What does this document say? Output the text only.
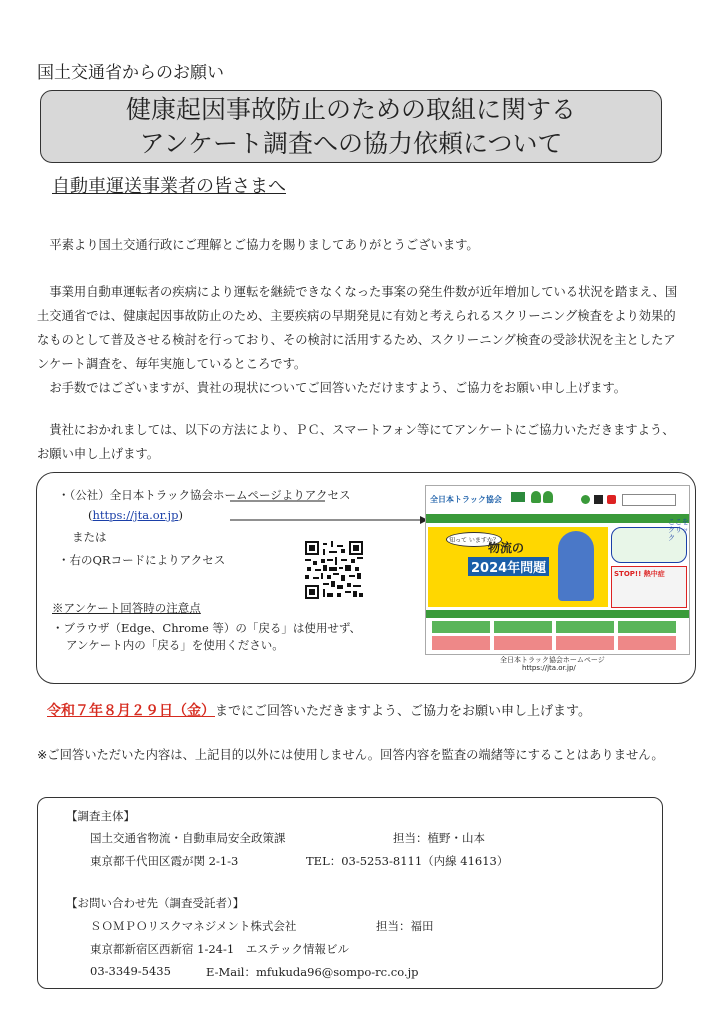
国土交通省からのお願い
健康起因事故防止のための取組に関する
アンケート調査への協力依頼について
自動車運送事業者の皆さまへ
　平素より国土交通行政にご理解とご協力を賜りましてありがとうございます。
　事業用自動車運転者の疾病により運転を継続できなくなった事案の発生件数が近年増加している状況を踏まえ、国土交通省では、健康起因事故防止のため、主要疾病の早期発見に有効と考えられるスクリーニング検査をより効果的なものとして普及させる検討を行っており、その検討に活用するため、スクリーニング検査の受診状況を主としたアンケート調査を、毎年実施しているところです。
　お手数ではございますが、貴社の現状についてご回答いただけますよう、ご協力をお願い申し上げます。
　貴社におかれましては、以下の方法により、ＰＣ、スマートフォン等にてアンケートにご協力いただきますよう、お願い申し上げます。
・（公社）全日本トラック協会ホームページよりアクセス
(https://jta.or.jp)
または
・右のQRコードによりアクセス
※アンケート回答時の注意点
・ブラウザ（Edge、Chrome 等）の「戻る」は使用せず、
アンケート内の「戻る」を使用ください。
全日本トラック協会
知って いますか？
物流の
2024年問題	STOP!! 熱中症
ここをクリック
全日本トラック協会ホームページ
https://jta.or.jp/
令和７年８月２９日（金）までにご回答いただきますよう、ご協力をお願い申し上げます。
※ご回答いただいた内容は、上記目的以外には使用しません。回答内容を監査の端緒等にすることはありません。
【調査主体】
国土交通省物流・自動車局安全政策課	担当：植野・山本
東京都千代田区霞が関 2-1-3	TEL：03-5253-8111（内線 41613）
【お問い合わせ先（調査受託者）】
ＳＯＭＰＯリスクマネジメント株式会社	担当：福田
東京都新宿区西新宿 1-24-1　エステック情報ビル
03-3349-5435	E-Mail：mfukuda96@sompo-rc.co.jp
